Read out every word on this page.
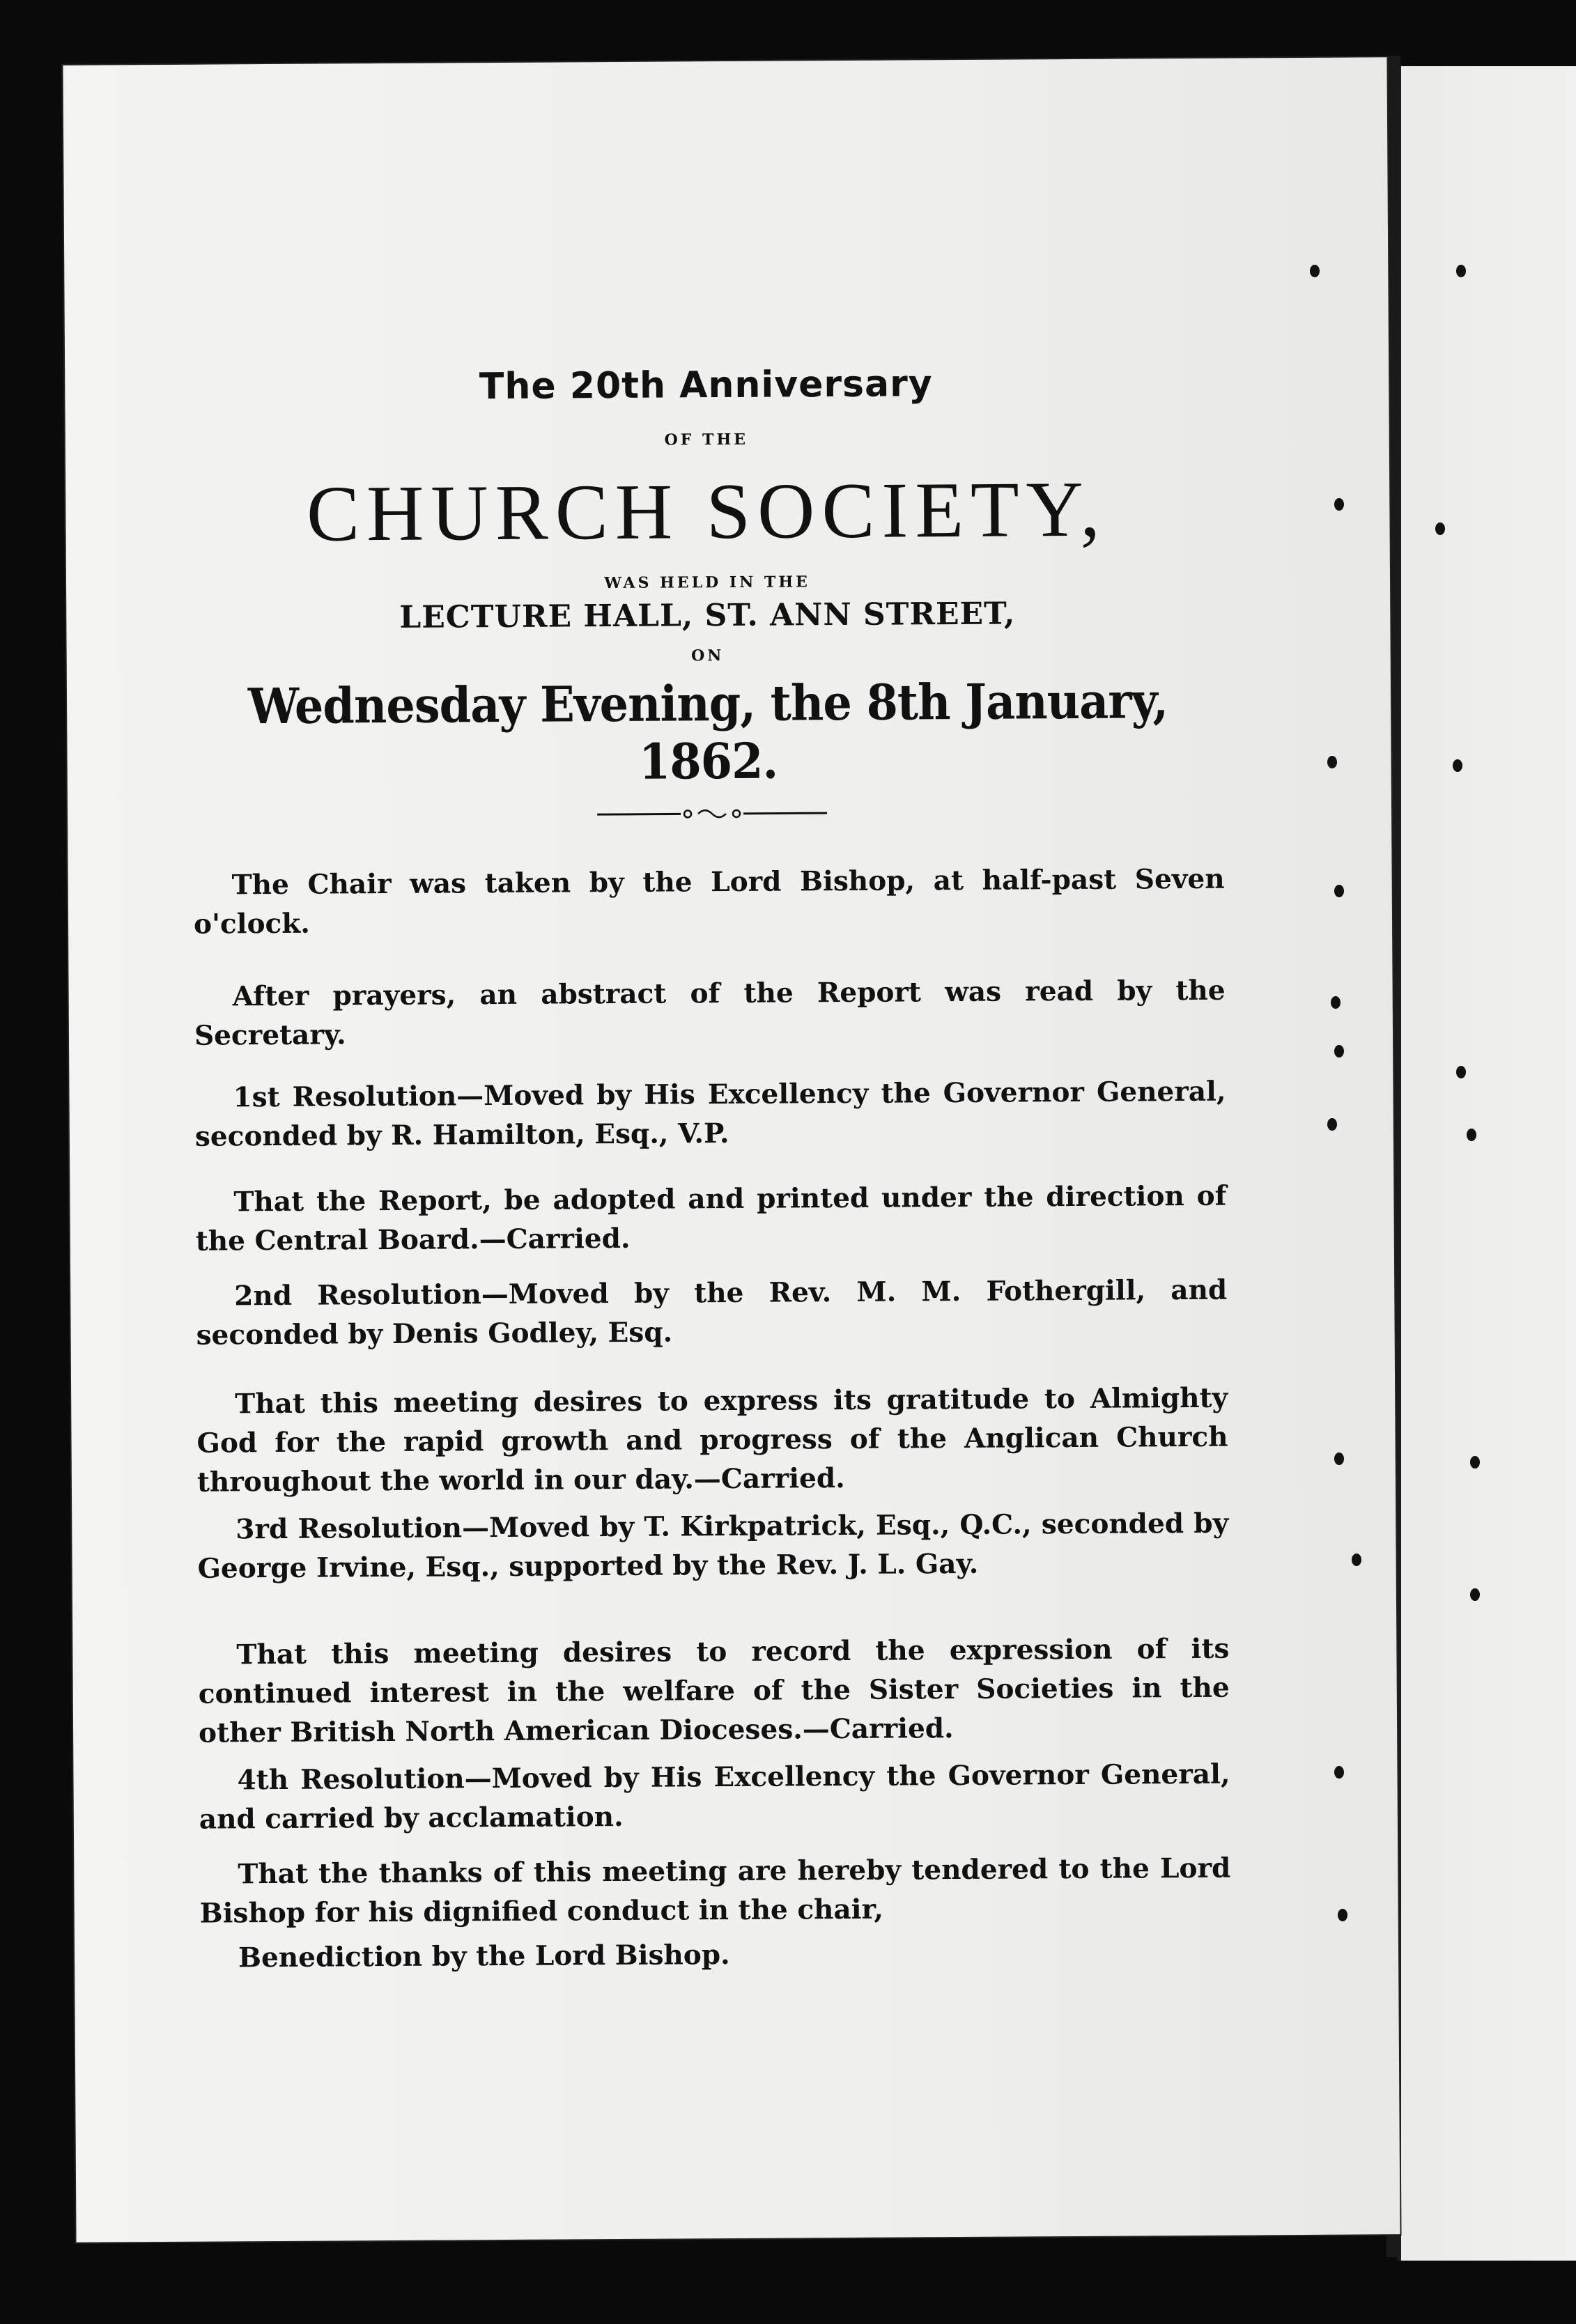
The 20th Anniversary
OF THE
CHURCH SOCIETY,
WAS HELD IN THE
LECTURE HALL, ST. ANN STREET,
ON
Wednesday Evening, the 8th January, 1862.
The Chair was taken by the Lord Bishop, at half-past Seven o'clock.
After prayers, an abstract of the Report was read by the Secretary.
1st Resolution—Moved by His Excellency the Governor General, seconded by R. Hamilton, Esq., V.P.
That the Report, be adopted and printed under the direction of the Central Board.—Carried.
2nd Resolution—Moved by the Rev. M. M. Fothergill, and seconded by Denis Godley, Esq.
That this meeting desires to express its gratitude to Almighty God for the rapid growth and progress of the Anglican Church throughout the world in our day.—Carried.
3rd Resolution—Moved by T. Kirkpatrick, Esq., Q.C., seconded by George Irvine, Esq., supported by the Rev. J. L. Gay.
That this meeting desires to record the expression of its continued interest in the welfare of the Sister Societies in the other British North American Dioceses.—Carried.
4th Resolution—Moved by His Excellency the Governor General, and carried by acclamation.
That the thanks of this meeting are hereby tendered to the Lord Bishop for his dignified conduct in the chair,
Benediction by the Lord Bishop.
